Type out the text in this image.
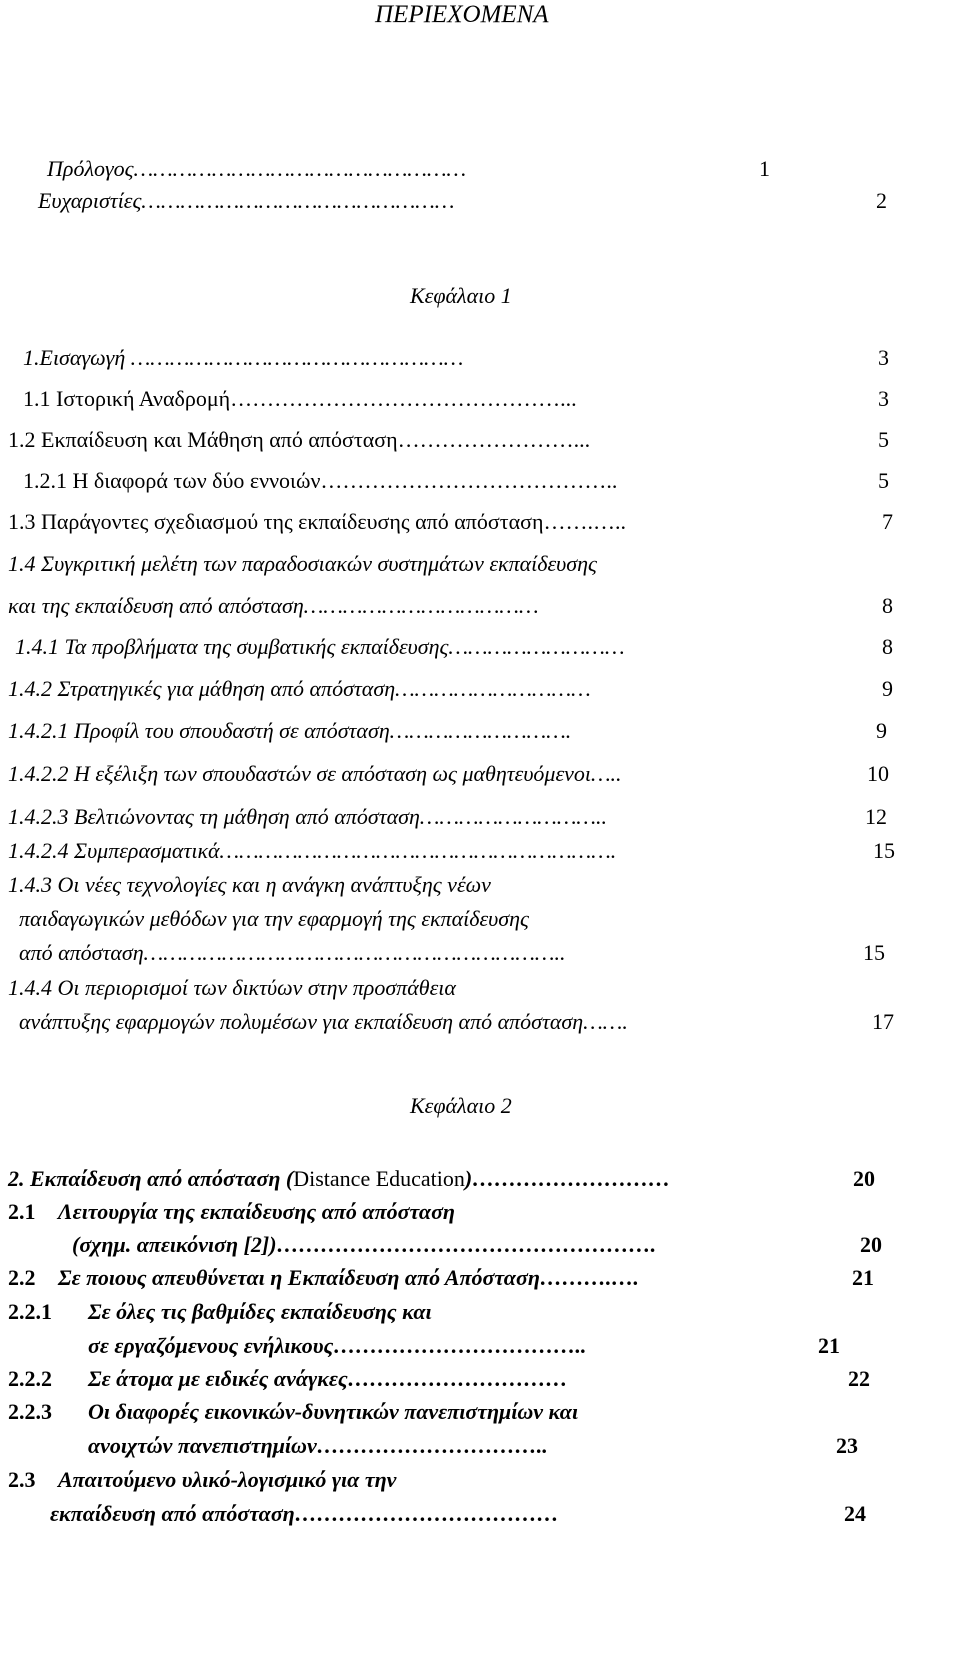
ΠΕΡΙΕΧΟΜΕΝΑ
Πρόλογος……………………………………………	1
Ευχαριστίες…………………………………………	2
Κεφάλαιο 1
1.Εισαγωγή ……………………………………………	3
1.1 Ιστορική Αναδρομή………………………………………...	3
1.2 Εκπαίδευση και Μάθηση από απόσταση……………………...	5
1.2.1 Η διαφορά των δύο εννοιών…………………………………..	5
1.3 Παράγοντες σχεδιασμού της εκπαίδευσης από απόσταση…….…..	7
1.4 Συγκριτική μελέτη των παραδοσιακών συστημάτων εκπαίδευσης
και της εκπαίδευση από απόσταση………………………………	8
1.4.1 Τα προβλήματα της συμβατικής εκπαίδευσης………………………	8
1.4.2 Στρατηγικές για μάθηση από απόσταση…………………………	9
1.4.2.1 Προφίλ του σπουδαστή σε απόσταση……………………….	9
1.4.2.2 Η εξέλιξη των σπουδαστών σε απόσταση ως μαθητευόμενοι…..	10
1.4.2.3 Βελτιώνοντας τη μάθηση από απόσταση………………………..	12
1.4.2.4 Συμπερασματικά…………………………………………………….	15
1.4.3 Οι νέες τεχνολογίες και η ανάγκη ανάπτυξης νέων
παιδαγωγικών μεθόδων για την εφαρμογή της εκπαίδευσης
από απόσταση………………………………………………………..	15
1.4.4 Οι περιορισμοί των δικτύων στην προσπάθεια
ανάπτυξης εφαρμογών πολυμέσων για εκπαίδευση από απόσταση…….	17
Κεφάλαιο 2
2. Εκπαίδευση από απόσταση (Distance Education)………………………	20
2.1 Λειτουργία της εκπαίδευσης από απόσταση
(σχημ. απεικόνιση [2])…………………………………………….	20
2.2 Σε ποιους απευθύνεται η Εκπαίδευση από Απόσταση……….….	21
2.2.1 Σε όλες τις βαθμίδες εκπαίδευσης και
σε εργαζόμενους ενήλικους……………………………..	21
2.2.2 Σε άτομα με ειδικές ανάγκες…………………………	22
2.2.3 Οι διαφορές εικονικών-δυνητικών πανεπιστημίων και
ανοιχτών πανεπιστημίων…………………………..	23
2.3 Απαιτούμενο υλικό-λογισμικό για την
εκπαίδευση από απόσταση………………………………	24
